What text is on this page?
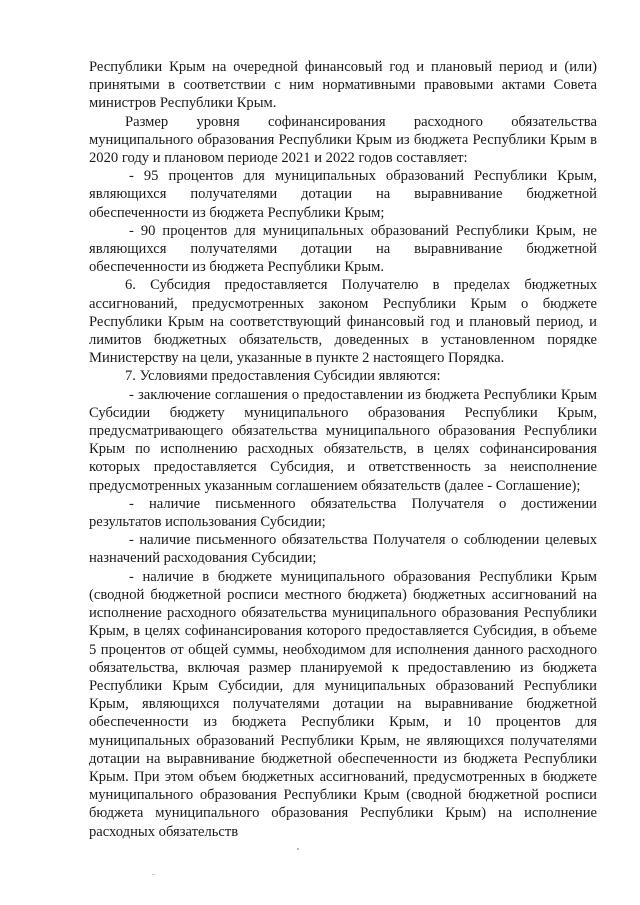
Республики Крым на очередной финансовый год и плановый период и (или) принятыми в соответствии с ним нормативными правовыми актами Совета министров Республики Крым.

Размер уровня софинансирования расходного обязательства муниципального образования Республики Крым из бюджета Республики Крым в 2020 году и плановом периоде 2021 и 2022 годов составляет:

- 95 процентов для муниципальных образований Республики Крым, являющихся получателями дотации на выравнивание бюджетной обеспеченности из бюджета Республики Крым;

- 90 процентов для муниципальных образований Республики Крым, не являющихся получателями дотации на выравнивание бюджетной обеспеченности из бюджета Республики Крым.

6. Субсидия предоставляется Получателю в пределах бюджетных ассигнований, предусмотренных законом Республики Крым о бюджете Республики Крым на соответствующий финансовый год и плановый период, и лимитов бюджетных обязательств, доведенных в установленном порядке Министерству на цели, указанные в пункте 2 настоящего Порядка.

7. Условиями предоставления Субсидии являются:

- заключение соглашения о предоставлении из бюджета Республики Крым Субсидии бюджету муниципального образования Республики Крым, предусматривающего обязательства муниципального образования Республики Крым по исполнению расходных обязательств, в целях софинансирования которых предоставляется Субсидия, и ответственность за неисполнение предусмотренных указанным соглашением обязательств (далее - Соглашение);

- наличие письменного обязательства Получателя о достижении результатов использования Субсидии;

- наличие письменного обязательства Получателя о соблюдении целевых назначений расходования Субсидии;

- наличие в бюджете муниципального образования Республики Крым (сводной бюджетной росписи местного бюджета) бюджетных ассигнований на исполнение расходного обязательства муниципального образования Республики Крым, в целях софинансирования которого предоставляется Субсидия, в объеме 5 процентов от общей суммы, необходимом для исполнения данного расходного обязательства, включая размер планируемой к предоставлению из бюджета Республики Крым Субсидии, для муниципальных образований Республики Крым, являющихся получателями дотации на выравнивание бюджетной обеспеченности из бюджета Республики Крым, и 10 процентов для муниципальных образований Республики Крым, не являющихся получателями дотации на выравнивание бюджетной обеспеченности из бюджета Республики Крым. При этом объем бюджетных ассигнований, предусмотренных в бюджете муниципального образования Республики Крым (сводной бюджетной росписи бюджета муниципального образования Республики Крым) на исполнение расходных обязательств
